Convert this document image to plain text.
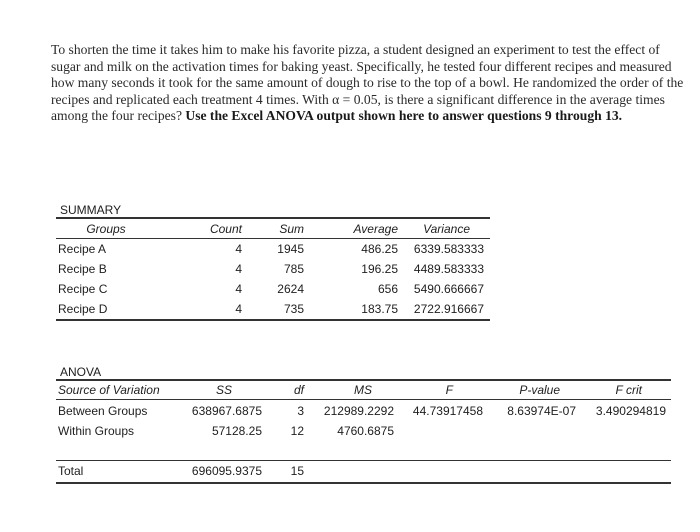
To shorten the time it takes him to make his favorite pizza, a student designed an experiment to test the effect of sugar and milk on the activation times for baking yeast. Specifically, he tested four different recipes and measured how many seconds it took for the same amount of dough to rise to the top of a bowl. He randomized the order of the recipes and replicated each treatment 4 times. With α = 0.05, is there a significant difference in the average times among the four recipes? Use the Excel ANOVA output shown here to answer questions 9 through 13.
SUMMARY
Groups	Count	Sum	Average	Variance
Recipe A	4	1945	486.25	6339.583333
Recipe B	4	785	196.25	4489.583333
Recipe C	4	2624	656	5490.666667
Recipe D	4	735	183.75	2722.916667
ANOVA
Source of Variation	SS	df	MS	F	P-value	F crit
Between Groups	638967.6875	3	212989.2292	44.73917458	8.63974E-07	3.490294819
Within Groups	57128.25	12	4760.6875
Total	696095.9375	15
